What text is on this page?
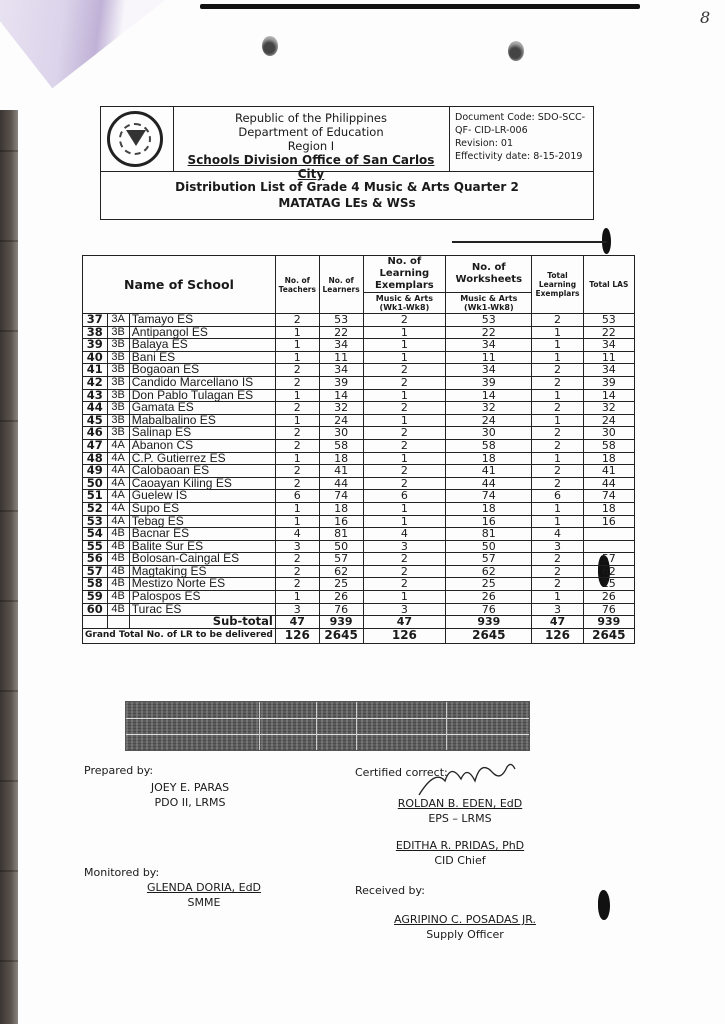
8
Republic of the Philippines
Department of Education
Region I
Schools Division Office of San Carlos City
Document Code: SDO-SCC-
QF- CID-LR-006
Revision: 01
Effectivity date: 8-15-2019
Distribution List of Grade 4 Music & Arts Quarter 2
MATATAG LEs & WSs
Name of School			No. of Teachers	No. of Learners	No. of Learning Exemplars	No. of Worksheets	Total Learning Exemplars	Total LAS
					Music & Arts (Wk1-Wk8)	Music & Arts (Wk1-Wk8)		
37	3A	Tamayo ES	2	53	2	53	2	53
38	3B	Antipangol ES	1	22	1	22	1	22
39	3B	Balaya ES	1	34	1	34	1	34
40	3B	Bani ES	1	11	1	11	1	11
41	3B	Bogaoan ES	2	34	2	34	2	34
42	3B	Candido Marcellano IS	2	39	2	39	2	39
43	3B	Don Pablo Tulagan ES	1	14	1	14	1	14
44	3B	Gamata ES	2	32	2	32	2	32
45	3B	Mabalbalino ES	1	24	1	24	1	24
46	3B	Salinap ES	2	30	2	30	2	30
47	4A	Abanon CS	2	58	2	58	2	58
48	4A	C.P. Gutierrez ES	1	18	1	18	1	18
49	4A	Calobaoan ES	2	41	2	41	2	41
50	4A	Caoayan Kiling ES	2	44	2	44	2	44
51	4A	Guelew IS	6	74	6	74	6	74
52	4A	Supo ES	1	18	1	18	1	18
53	4A	Tebag ES	1	16	1	16	1	16
54	4B	Bacnar ES	4	81	4	81	4	
55	4B	Balite Sur ES	3	50	3	50	3	
56	4B	Bolosan-Caingal ES	2	57	2	57	2	57
57	4B	Magtaking ES	2	62	2	62	2	62
58	4B	Mestizo Norte ES	2	25	2	25	2	25
59	4B	Palospos ES	1	26	1	26	1	26
60	4B	Turac ES	3	76	3	76	3	76
		Sub-total	47	939	47	939	47	939
Grand Total No. of LR to be delivered			126	2645	126	2645	126	2645
Prepared by:
JOEY E. PARAS
PDO II, LRMS
Monitored by:
GLENDA DORIA, EdD
SMME
Certified correct:
ROLDAN B. EDEN, EdD
EPS – LRMS
EDITHA R. PRIDAS, PhD
CID Chief
Received by:
AGRIPINO C. POSADAS JR.
Supply Officer
